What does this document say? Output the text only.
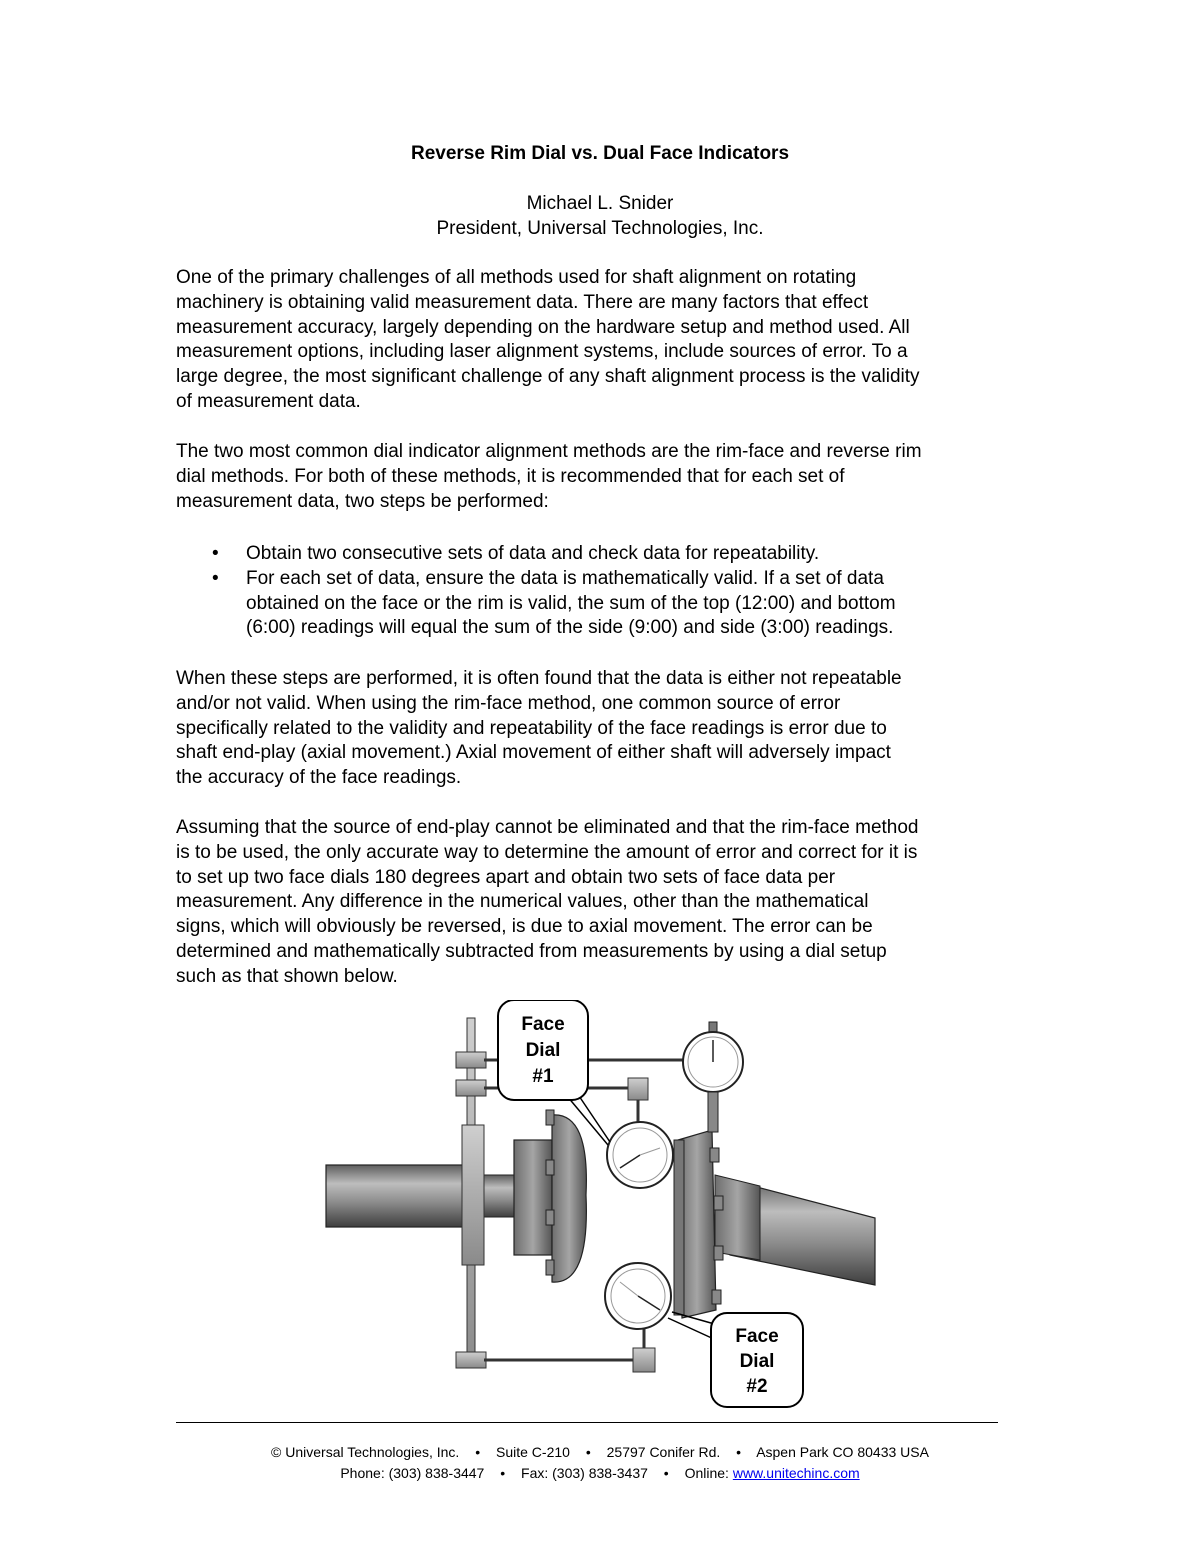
Reverse Rim Dial vs. Dual Face Indicators
Michael L. Snider
President, Universal Technologies, Inc.
One of the primary challenges of all methods used for shaft alignment on rotating
machinery is obtaining valid measurement data. There are many factors that effect
measurement accuracy, largely depending on the hardware setup and method used. All
measurement options, including laser alignment systems, include sources of error. To a
large degree, the most significant challenge of any shaft alignment process is the validity
of measurement data.
The two most common dial indicator alignment methods are the rim-face and reverse rim
dial methods. For both of these methods, it is recommended that for each set of
measurement data, two steps be performed:
• Obtain two consecutive sets of data and check data for repeatability.
• For each set of data, ensure the data is mathematically valid. If a set of data
obtained on the face or the rim is valid, the sum of the top (12:00) and bottom
(6:00) readings will equal the sum of the side (9:00) and side (3:00) readings.
When these steps are performed, it is often found that the data is either not repeatable
and/or not valid. When using the rim-face method, one common source of error
specifically related to the validity and repeatability of the face readings is error due to
shaft end-play (axial movement.) Axial movement of either shaft will adversely impact
the accuracy of the face readings.
Assuming that the source of end-play cannot be eliminated and that the rim-face method
is to be used, the only accurate way to determine the amount of error and correct for it is
to set up two face dials 180 degrees apart and obtain two sets of face data per
measurement. Any difference in the numerical values, other than the mathematical
signs, which will obviously be reversed, is due to axial movement. The error can be
determined and mathematically subtracted from measurements by using a dial setup
such as that shown below.
Face
Dial
#1
Face
Dial
#2
© Universal Technologies, Inc. • Suite C-210 • 25797 Conifer Rd. • Aspen Park CO 80433 USA
Phone: (303) 838-3447 • Fax: (303) 838-3437 • Online: www.unitechinc.com
